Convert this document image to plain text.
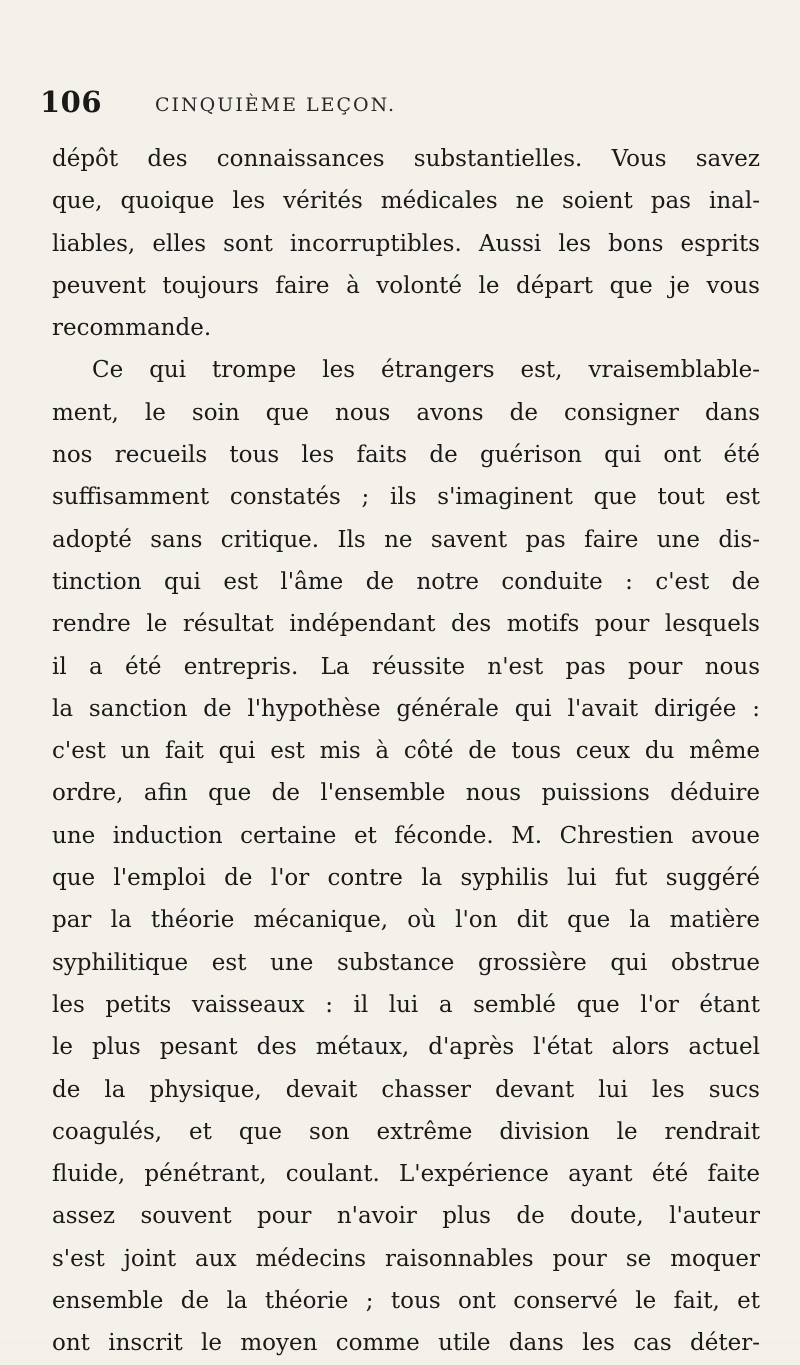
106	CINQUIÈME LEÇON.
dépôt des connaissances substantielles. Vous savez
que, quoique les vérités médicales ne soient pas inal-
liables, elles sont incorruptibles. Aussi les bons esprits
peuvent toujours faire à volonté le départ que je vous
recommande.
Ce qui trompe les étrangers est, vraisemblable-
ment, le soin que nous avons de consigner dans
nos recueils tous les faits de guérison qui ont été
suffisamment constatés ; ils s'imaginent que tout est
adopté sans critique. Ils ne savent pas faire une dis-
tinction qui est l'âme de notre conduite : c'est de
rendre le résultat indépendant des motifs pour lesquels
il a été entrepris. La réussite n'est pas pour nous
la sanction de l'hypothèse générale qui l'avait dirigée :
c'est un fait qui est mis à côté de tous ceux du même
ordre, afin que de l'ensemble nous puissions déduire
une induction certaine et féconde. M. Chrestien avoue
que l'emploi de l'or contre la syphilis lui fut suggéré
par la théorie mécanique, où l'on dit que la matière
syphilitique est une substance grossière qui obstrue
les petits vaisseaux : il lui a semblé que l'or étant
le plus pesant des métaux, d'après l'état alors actuel
de la physique, devait chasser devant lui les sucs
coagulés, et que son extrême division le rendrait
fluide, pénétrant, coulant. L'expérience ayant été faite
assez souvent pour n'avoir plus de doute, l'auteur
s'est joint aux médecins raisonnables pour se moquer
ensemble de la théorie ; tous ont conservé le fait, et
ont inscrit le moyen comme utile dans les cas déter-
